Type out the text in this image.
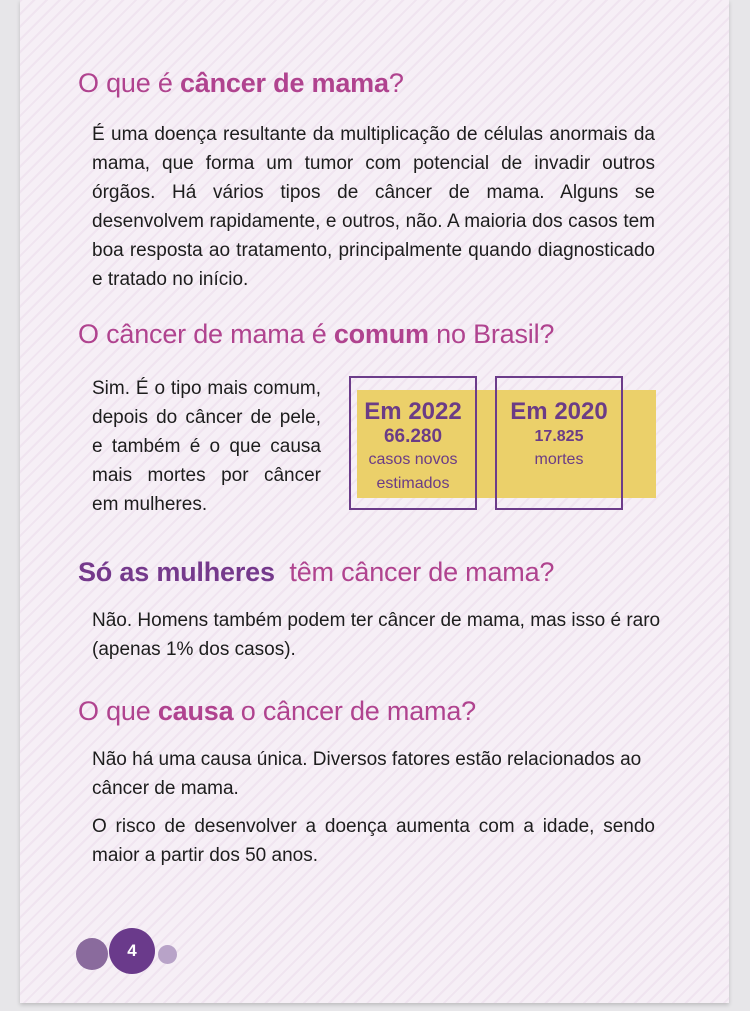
O que é câncer de mama?

É uma doença resultante da multiplicação de células anormais da mama, que forma um tumor com potencial de invadir outros órgãos. Há vários tipos de câncer de mama. Alguns se desenvolvem rapidamente, e outros, não. A maioria dos casos tem boa resposta ao tratamento, principalmente quando diagnosticado e tratado no início.

O câncer de mama é comum no Brasil?

Sim. É o tipo mais comum, depois do câncer de pele, e também é o que causa mais mortes por câncer em mulheres.

Em 2022
66.280
casos novos
estimados
Em 2020
17.825
mortes
Só as mulheres  têm câncer de mama?

Não. Homens também podem ter câncer de mama, mas isso é raro (apenas 1% dos casos).

O que causa o câncer de mama?

Não há uma causa única. Diversos fatores estão relacionados ao câncer de mama.

O risco de desenvolver a doença aumenta com a idade, sendo maior a partir dos 50 anos.

4
